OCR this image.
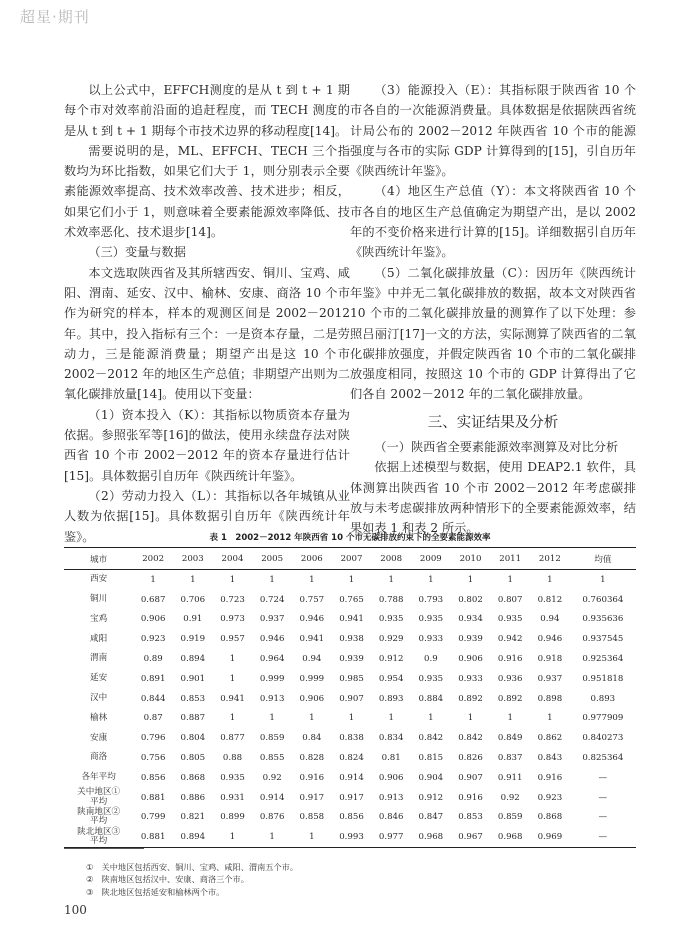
超星·期刊

以上公式中，EFFCH测度的是从 t 到 t + 1 期每个市对效率前沿面的追赶程度，而 TECH 测度的是从 t 到 t + 1 期每个市技术边界的移动程度[14]。

需要说明的是，ML、EFFCH、TECH 三个指数均为环比指数，如果它们大于 1，则分别表示全要素能源效率提高、技术效率改善、技术进步；相反，如果它们小于 1，则意味着全要素能源效率降低、技术效率恶化、技术退步[14]。

（三）变量与数据

本文选取陕西省及其所辖西安、铜川、宝鸡、咸阳、渭南、延安、汉中、榆林、安康、商洛 10 个市作为研究的样本，样本的观测区间是 2002－2012 年。其中，投入指标有三个：一是资本存量，二是劳动力，三是能源消费量；期望产出是这 10 个市 2002－2012 年的地区生产总值；非期望产出则为二氧化碳排放量[14]。使用以下变量：

（1）资本投入（K）：其指标以物质资本存量为依据。参照张军等[16]的做法，使用永续盘存法对陕西省 10 个市 2002－2012 年的资本存量进行估计[15]。具体数据引自历年《陕西统计年鉴》。

（2）劳动力投入（L）：其指标以各年城镇从业人数为依据[15]。具体数据引自历年《陕西统计年鉴》。

（3）能源投入（E）：其指标限于陕西省 10 个市各自的一次能源消费量。具体数据是依据陕西省统计局公布的 2002－2012 年陕西省 10 个市的能源强度与各市的实际 GDP 计算得到的[15]，引自历年《陕西统计年鉴》。

（4）地区生产总值（Y）：本文将陕西省 10 个市各自的地区生产总值确定为期望产出，是以 2002 年的不变价格来进行计算的[15]。详细数据引自历年《陕西统计年鉴》。

（5）二氧化碳排放量（C）：因历年《陕西统计年鉴》中并无二氧化碳排放的数据，故本文对陕西省 10 个市的二氧化碳排放量的测算作了以下处理：参照吕丽汀[17]一文的方法，实际测算了陕西省的二氧化碳排放强度，并假定陕西省 10 个市的二氧化碳排放强度相同，按照这 10 个市的 GDP 计算得出了它们各自 2002－2012 年的二氧化碳排放量。

三、实证结果及分析

（一）陕西省全要素能源效率测算及对比分析

依据上述模型与数据，使用 DEAP2.1 软件，具体测算出陕西省 10 个市 2002－2012 年考虑碳排放与未考虑碳排放两种情形下的全要素能源效率，结果如表 1 和表 2 所示。

表 1　2002－2012 年陕西省 10 个市无碳排放约束下的全要素能源效率
城市	2002	2003	2004	2005	2006	2007	2008	2009	2010	2011	2012	均值
西安	1	1	1	1	1	1	1	1	1	1	1	1
铜川	0.687	0.706	0.723	0.724	0.757	0.765	0.788	0.793	0.802	0.807	0.812	0.760364
宝鸡	0.906	0.91	0.973	0.937	0.946	0.941	0.935	0.935	0.934	0.935	0.94	0.935636
咸阳	0.923	0.919	0.957	0.946	0.941	0.938	0.929	0.933	0.939	0.942	0.946	0.937545
渭南	0.89	0.894	1	0.964	0.94	0.939	0.912	0.9	0.906	0.916	0.918	0.925364
延安	0.891	0.901	1	0.999	0.999	0.985	0.954	0.935	0.933	0.936	0.937	0.951818
汉中	0.844	0.853	0.941	0.913	0.906	0.907	0.893	0.884	0.892	0.892	0.898	0.893
榆林	0.87	0.887	1	1	1	1	1	1	1	1	1	0.977909
安康	0.796	0.804	0.877	0.859	0.84	0.838	0.834	0.842	0.842	0.849	0.862	0.840273
商洛	0.756	0.805	0.88	0.855	0.828	0.824	0.81	0.815	0.826	0.837	0.843	0.825364
各年平均	0.856	0.868	0.935	0.92	0.916	0.914	0.906	0.904	0.907	0.911	0.916	—
关中地区①
平均	0.881	0.886	0.931	0.914	0.917	0.917	0.913	0.912	0.916	0.92	0.923	—
陕南地区②
平均	0.799	0.821	0.899	0.876	0.858	0.856	0.846	0.847	0.853	0.859	0.868	—
陕北地区③
平均	0.881	0.894	1	1	1	0.993	0.977	0.968	0.967	0.968	0.969	—
①　关中地区包括西安、铜川、宝鸡、咸阳、渭南五个市。
②　陕南地区包括汉中、安康、商洛三个市。
③　陕北地区包括延安和榆林两个市。
100
